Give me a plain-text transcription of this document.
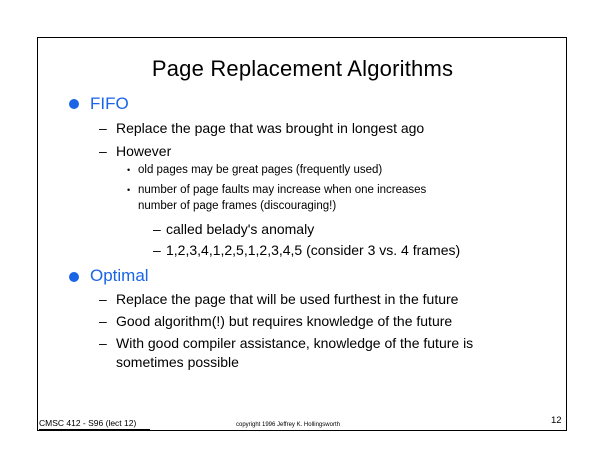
Page Replacement Algorithms
FIFO
– Replace the page that was brought in longest ago
– However
• old pages may be great pages (frequently used)
• number of page faults may increase when one increases
number of page frames (discouraging!)
– called belady's anomaly
– 1,2,3,4,1,2,5,1,2,3,4,5 (consider 3 vs. 4 frames)
Optimal
– Replace the page that will be used furthest in the future
– Good algorithm(!) but requires knowledge of the future
– With good compiler assistance, knowledge of the future is
sometimes possible
CMSC 412 - S96 (lect 12)	copyright 1996 Jeffrey K. Hollingsworth	12
